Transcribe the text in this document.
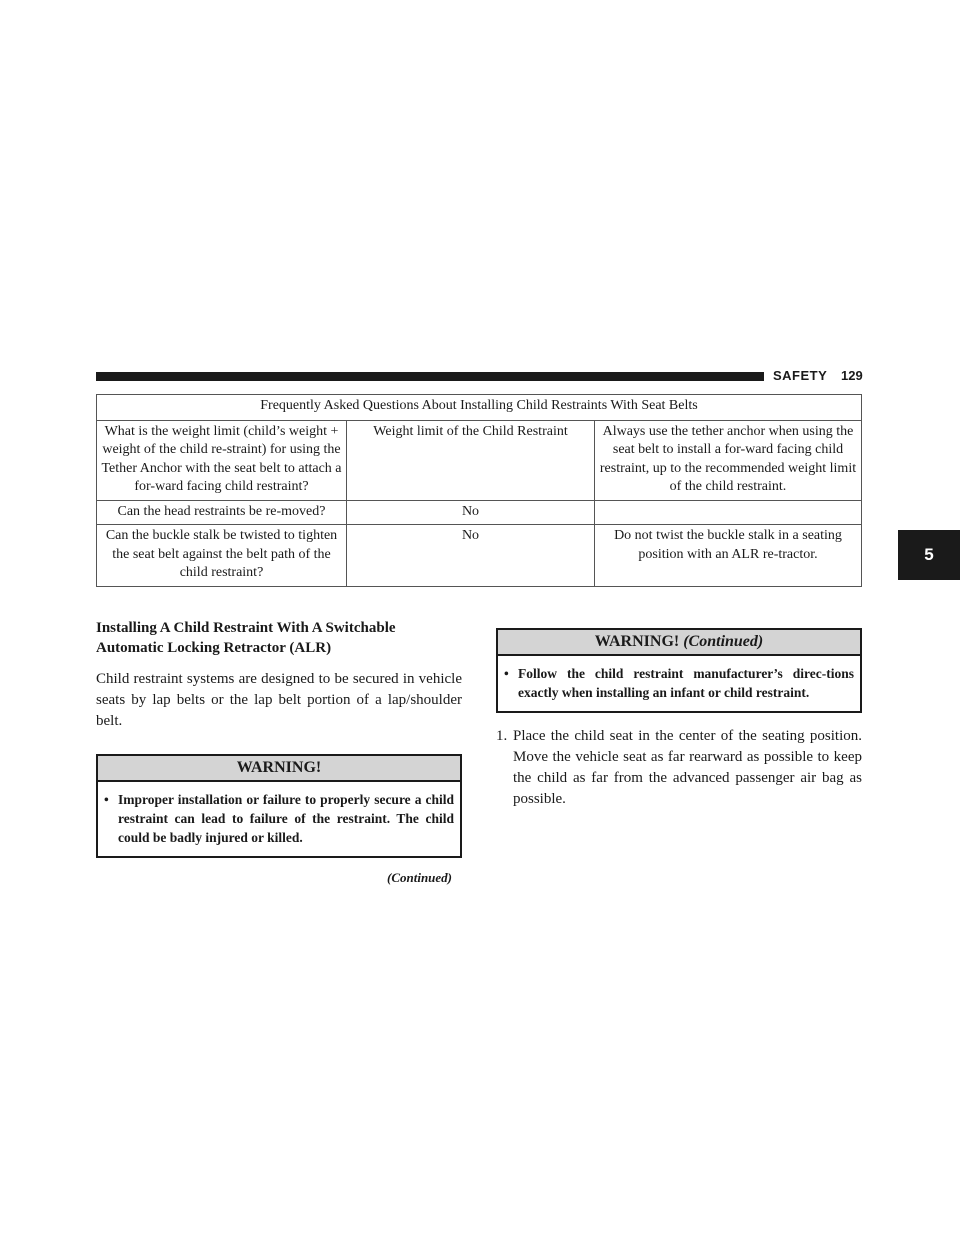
SAFETY 129
5
Frequently Asked Questions About Installing Child Restraints With Seat Belts		
What is the weight limit (child’s weight + weight of the child re-straint) for using the Tether Anchor with the seat belt to attach a for-ward facing child restraint?	Weight limit of the Child Restraint	Always use the tether anchor when using the seat belt to install a for-ward facing child restraint, up to the recommended weight limit of the child restraint.
Can the head restraints be re-moved?	No	
Can the buckle stalk be twisted to tighten the seat belt against the belt path of the child restraint?	No	Do not twist the buckle stalk in a seating position with an ALR re-tractor.

Installing A Child Restraint With A Switchable Automatic Locking Retractor (ALR)

Child restraint systems are designed to be secured in vehicle seats by lap belts or the lap belt portion of a lap/shoulder belt.

WARNING!
• Improper installation or failure to properly secure a child restraint can lead to failure of the restraint. The child could be badly injured or killed.
(Continued)
WARNING! (Continued)
• Follow the child restraint manufacturer’s direc-tions exactly when installing an infant or child restraint.
1. Place the child seat in the center of the seating position. Move the vehicle seat as far rearward as possible to keep the child as far from the advanced passenger air bag as possible.
